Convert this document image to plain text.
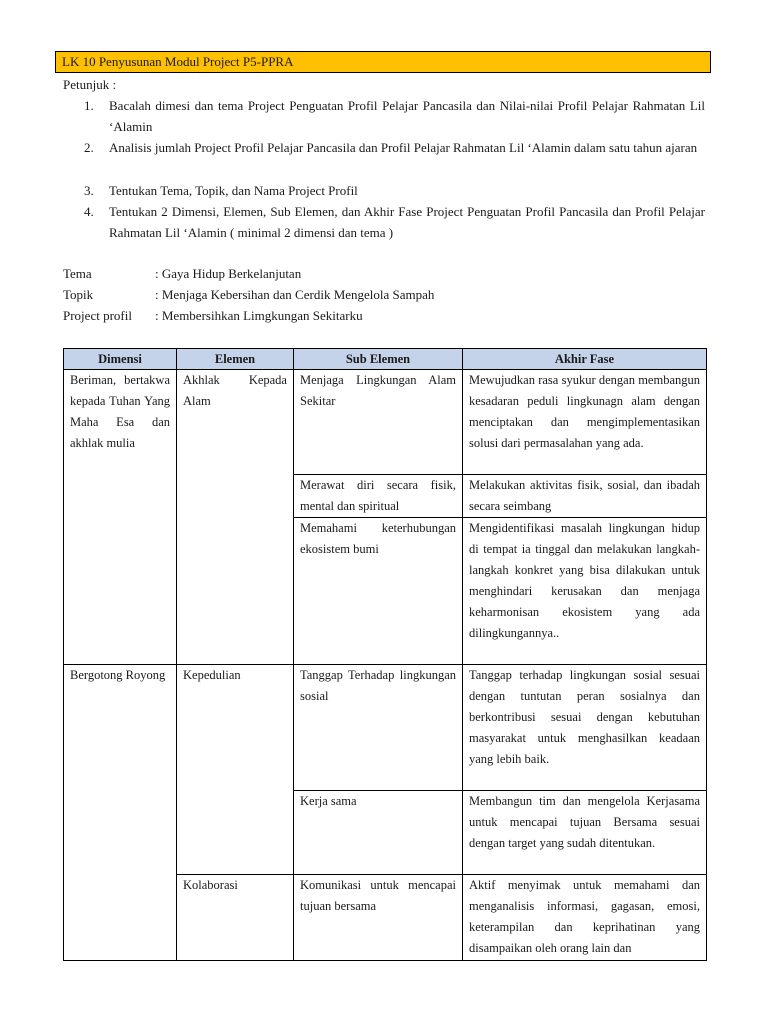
LK 10 Penyusunan Modul Project P5-PPRA
Petunjuk :
1. Bacalah dimesi dan tema Project Penguatan Profil Pelajar Pancasila dan Nilai-nilai Profil Pelajar Rahmatan Lil ‘Alamin
2. Analisis jumlah Project Profil Pelajar Pancasila dan Profil Pelajar Rahmatan Lil ‘Alamin dalam satu tahun ajaran
3. Tentukan Tema, Topik, dan Nama Project Profil
4. Tentukan 2 Dimensi, Elemen, Sub Elemen, dan Akhir Fase Project Penguatan Profil Pancasila dan Profil Pelajar Rahmatan Lil ‘Alamin ( minimal 2 dimensi dan tema )
Tema	: Gaya Hidup Berkelanjutan
Topik	: Menjaga Kebersihan dan Cerdik Mengelola Sampah
Project profil : Membersihkan Limgkungan Sekitarku
Dimensi	Elemen	Sub Elemen	Akhir Fase
Beriman, bertakwa kepada Tuhan Yang Maha Esa dan akhlak mulia	Akhlak Kepada Alam	Menjaga Lingkungan Alam Sekitar	Mewujudkan rasa syukur dengan membangun kesadaran peduli lingkunagn alam dengan menciptakan dan mengimplementasikan solusi dari permasalahan yang ada.
		Merawat diri secara fisik, mental dan spiritual	Melakukan aktivitas fisik, sosial, dan ibadah secara seimbang
		Memahami keterhubungan ekosistem bumi	Mengidentifikasi masalah lingkungan hidup di tempat ia tinggal dan melakukan langkah-langkah konkret yang bisa dilakukan untuk menghindari kerusakan dan menjaga keharmonisan ekosistem yang ada dilingkungannya..
Bergotong Royong	Kepedulian	Tanggap Terhadap lingkungan sosial	Tanggap terhadap lingkungan sosial sesuai dengan tuntutan peran sosialnya dan berkontribusi sesuai dengan kebutuhan masyarakat untuk menghasilkan keadaan yang lebih baik.
		Kerja sama	Membangun tim dan mengelola Kerjasama untuk mencapai tujuan Bersama sesuai dengan target yang sudah ditentukan.
	Kolaborasi	Komunikasi untuk mencapai tujuan bersama	Aktif menyimak untuk memahami dan menganalisis informasi, gagasan, emosi, keterampilan dan keprihatinan yang disampaikan oleh orang lain dan
